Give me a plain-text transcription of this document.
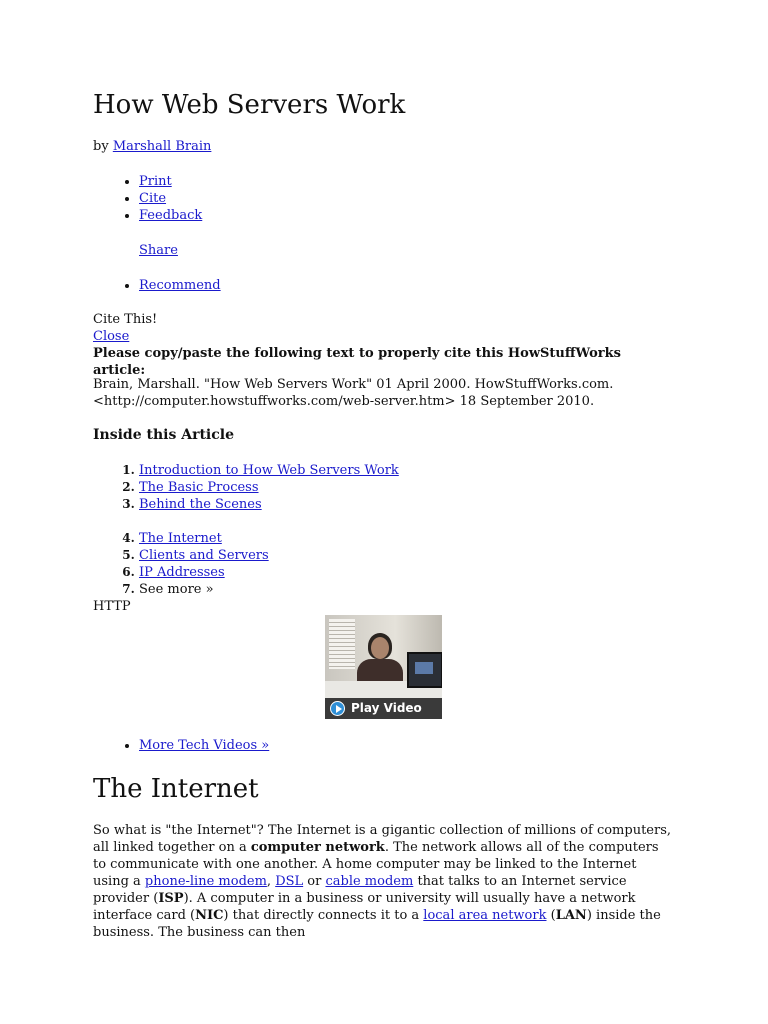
How Web Servers Work
by Marshall Brain
• Print
• Cite
• Feedback
Share
• Recommend
Cite This!
Close
Please copy/paste the following text to properly cite this HowStuffWorks article:
Brain, Marshall. "How Web Servers Work" 01 April 2000. HowStuffWorks.com.
<http://computer.howstuffworks.com/web-server.htm> 18 September 2010.
Inside this Article
1. Introduction to How Web Servers Work
2. The Basic Process
3. Behind the Scenes
4. The Internet
5. Clients and Servers
6. IP Addresses
7. See more »
HTTP
Play Video
• More Tech Videos »
The Internet

So what is "the Internet"? The Internet is a gigantic collection of millions of computers, all linked together on a computer network. The network allows all of the computers to communicate with one another. A home computer may be linked to the Internet using a phone-line modem, DSL or cable modem that talks to an Internet service provider (ISP). A computer in a business or university will usually have a network interface card (NIC) that directly connects it to a local area network (LAN) inside the business. The business can then
